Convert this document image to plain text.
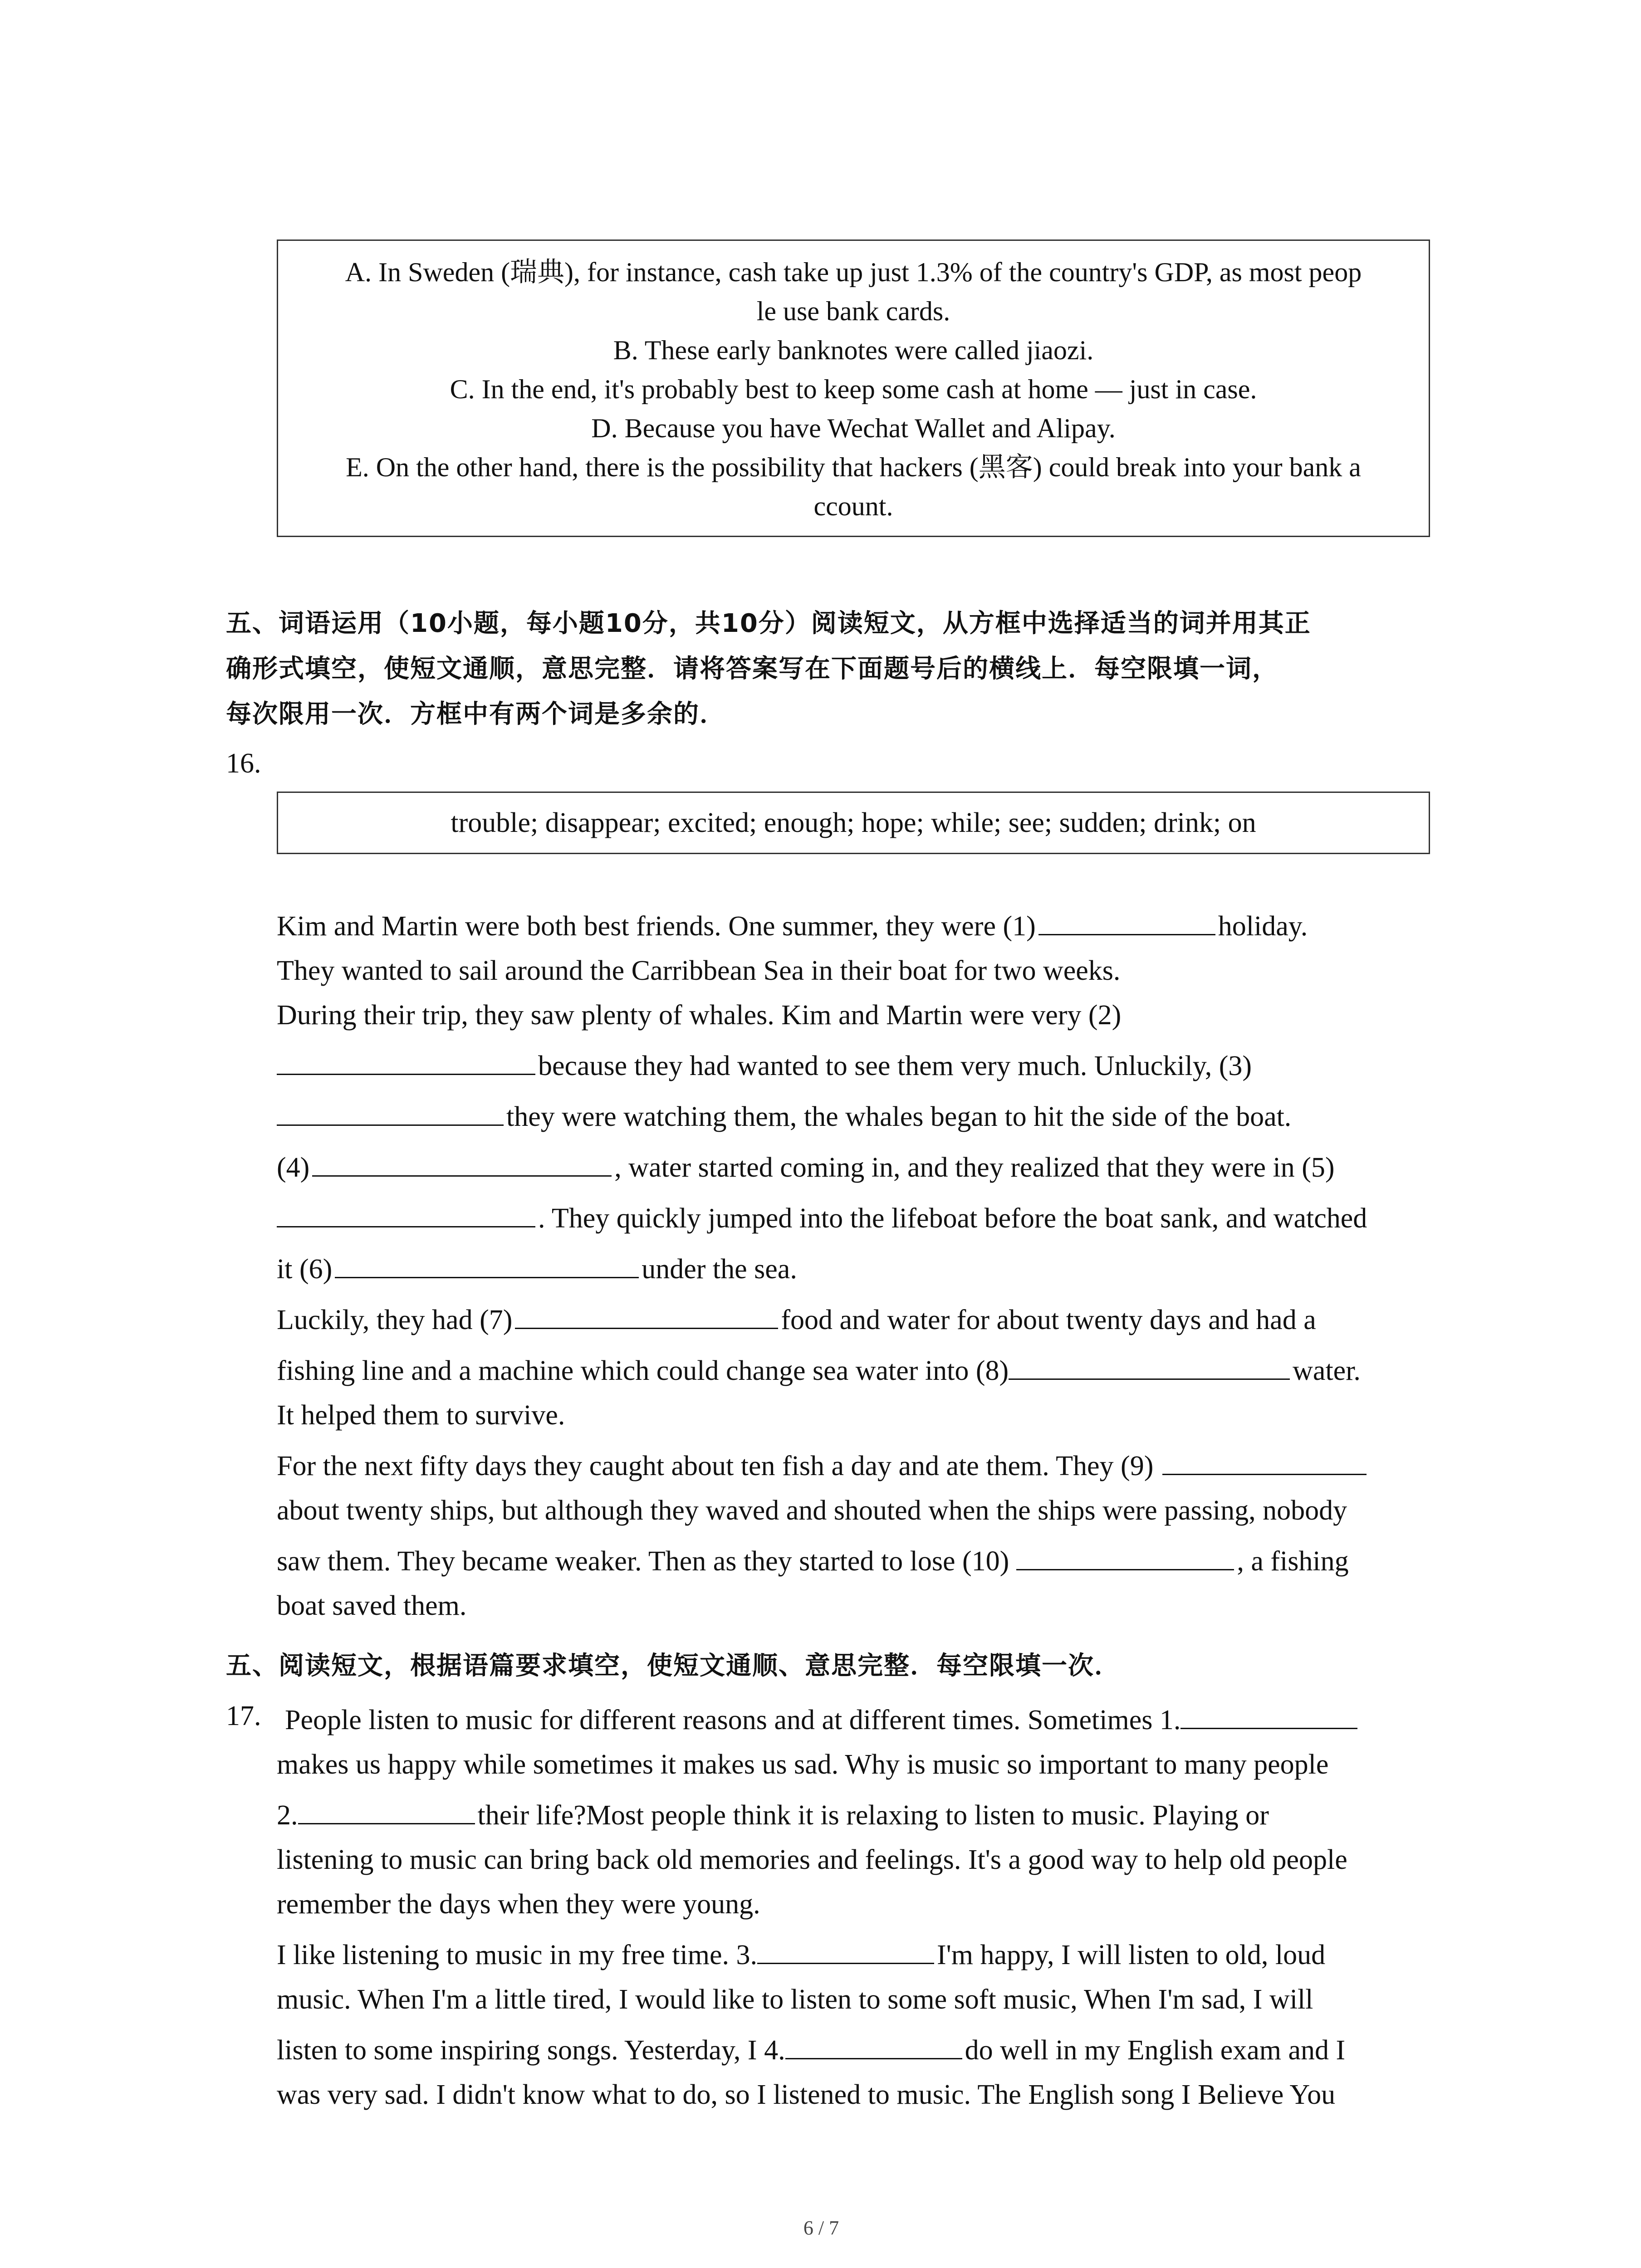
A. In Sweden (瑞典), for instance, cash take up just 1.3% of the country's GDP, as most peop
le use bank cards.
B. These early banknotes were called jiaozi.
C. In the end, it's probably best to keep some cash at home — just in case.
D. Because you have Wechat Wallet and Alipay.
E. On the other hand, there is the possibility that hackers (黑客) could break into your bank a
ccount.
五、词语运用（10小题，每小题10分，共10分）阅读短文，从方框中选择适当的词并用其正
确形式填空，使短文通顺，意思完整．请将答案写在下面题号后的横线上．每空限填一词，
每次限用一次．方框中有两个词是多余的．
16.
trouble; disappear; excited; enough; hope; while; see; sudden; drink; on
Kim and Martin were both best friends. One summer, they were (1)	holiday.
They wanted to sail around the Carribbean Sea in their boat for two weeks.
During their trip, they saw plenty of whales. Kim and Martin were very (2)
because they had wanted to see them very much. Unluckily, (3)
they were watching them, the whales began to hit the side of the boat.
(4)	, water started coming in, and they realized that they were in (5)
. They quickly jumped into the lifeboat before the boat sank, and watched
it (6)	under the sea.
Luckily, they had (7)	food and water for about twenty days and had a
fishing line and a machine which could change sea water into (8)	water.
It helped them to survive.
For the next fifty days they caught about ten fish a day and ate them. They (9)
about twenty ships, but although they waved and shouted when the ships were passing, nobody
saw them. They became weaker. Then as they started to lose (10)	, a fishing
boat saved them.
五、阅读短文，根据语篇要求填空，使短文通顺、意思完整．每空限填一次．
17. People listen to music for different reasons and at different times. Sometimes 1.
makes us happy while sometimes it makes us sad. Why is music so important to many people
2.	their life?Most people think it is relaxing to listen to music. Playing or
listening to music can bring back old memories and feelings. It's a good way to help old people
remember the days when they were young.
I like listening to music in my free time. 3.	I'm happy, I will listen to old, loud
music. When I'm a little tired, I would like to listen to some soft music, When I'm sad, I will
listen to some inspiring songs. Yesterday, I 4.	do well in my English exam and I
was very sad. I didn't know what to do, so I listened to music. The English song I Believe You
6 / 7
